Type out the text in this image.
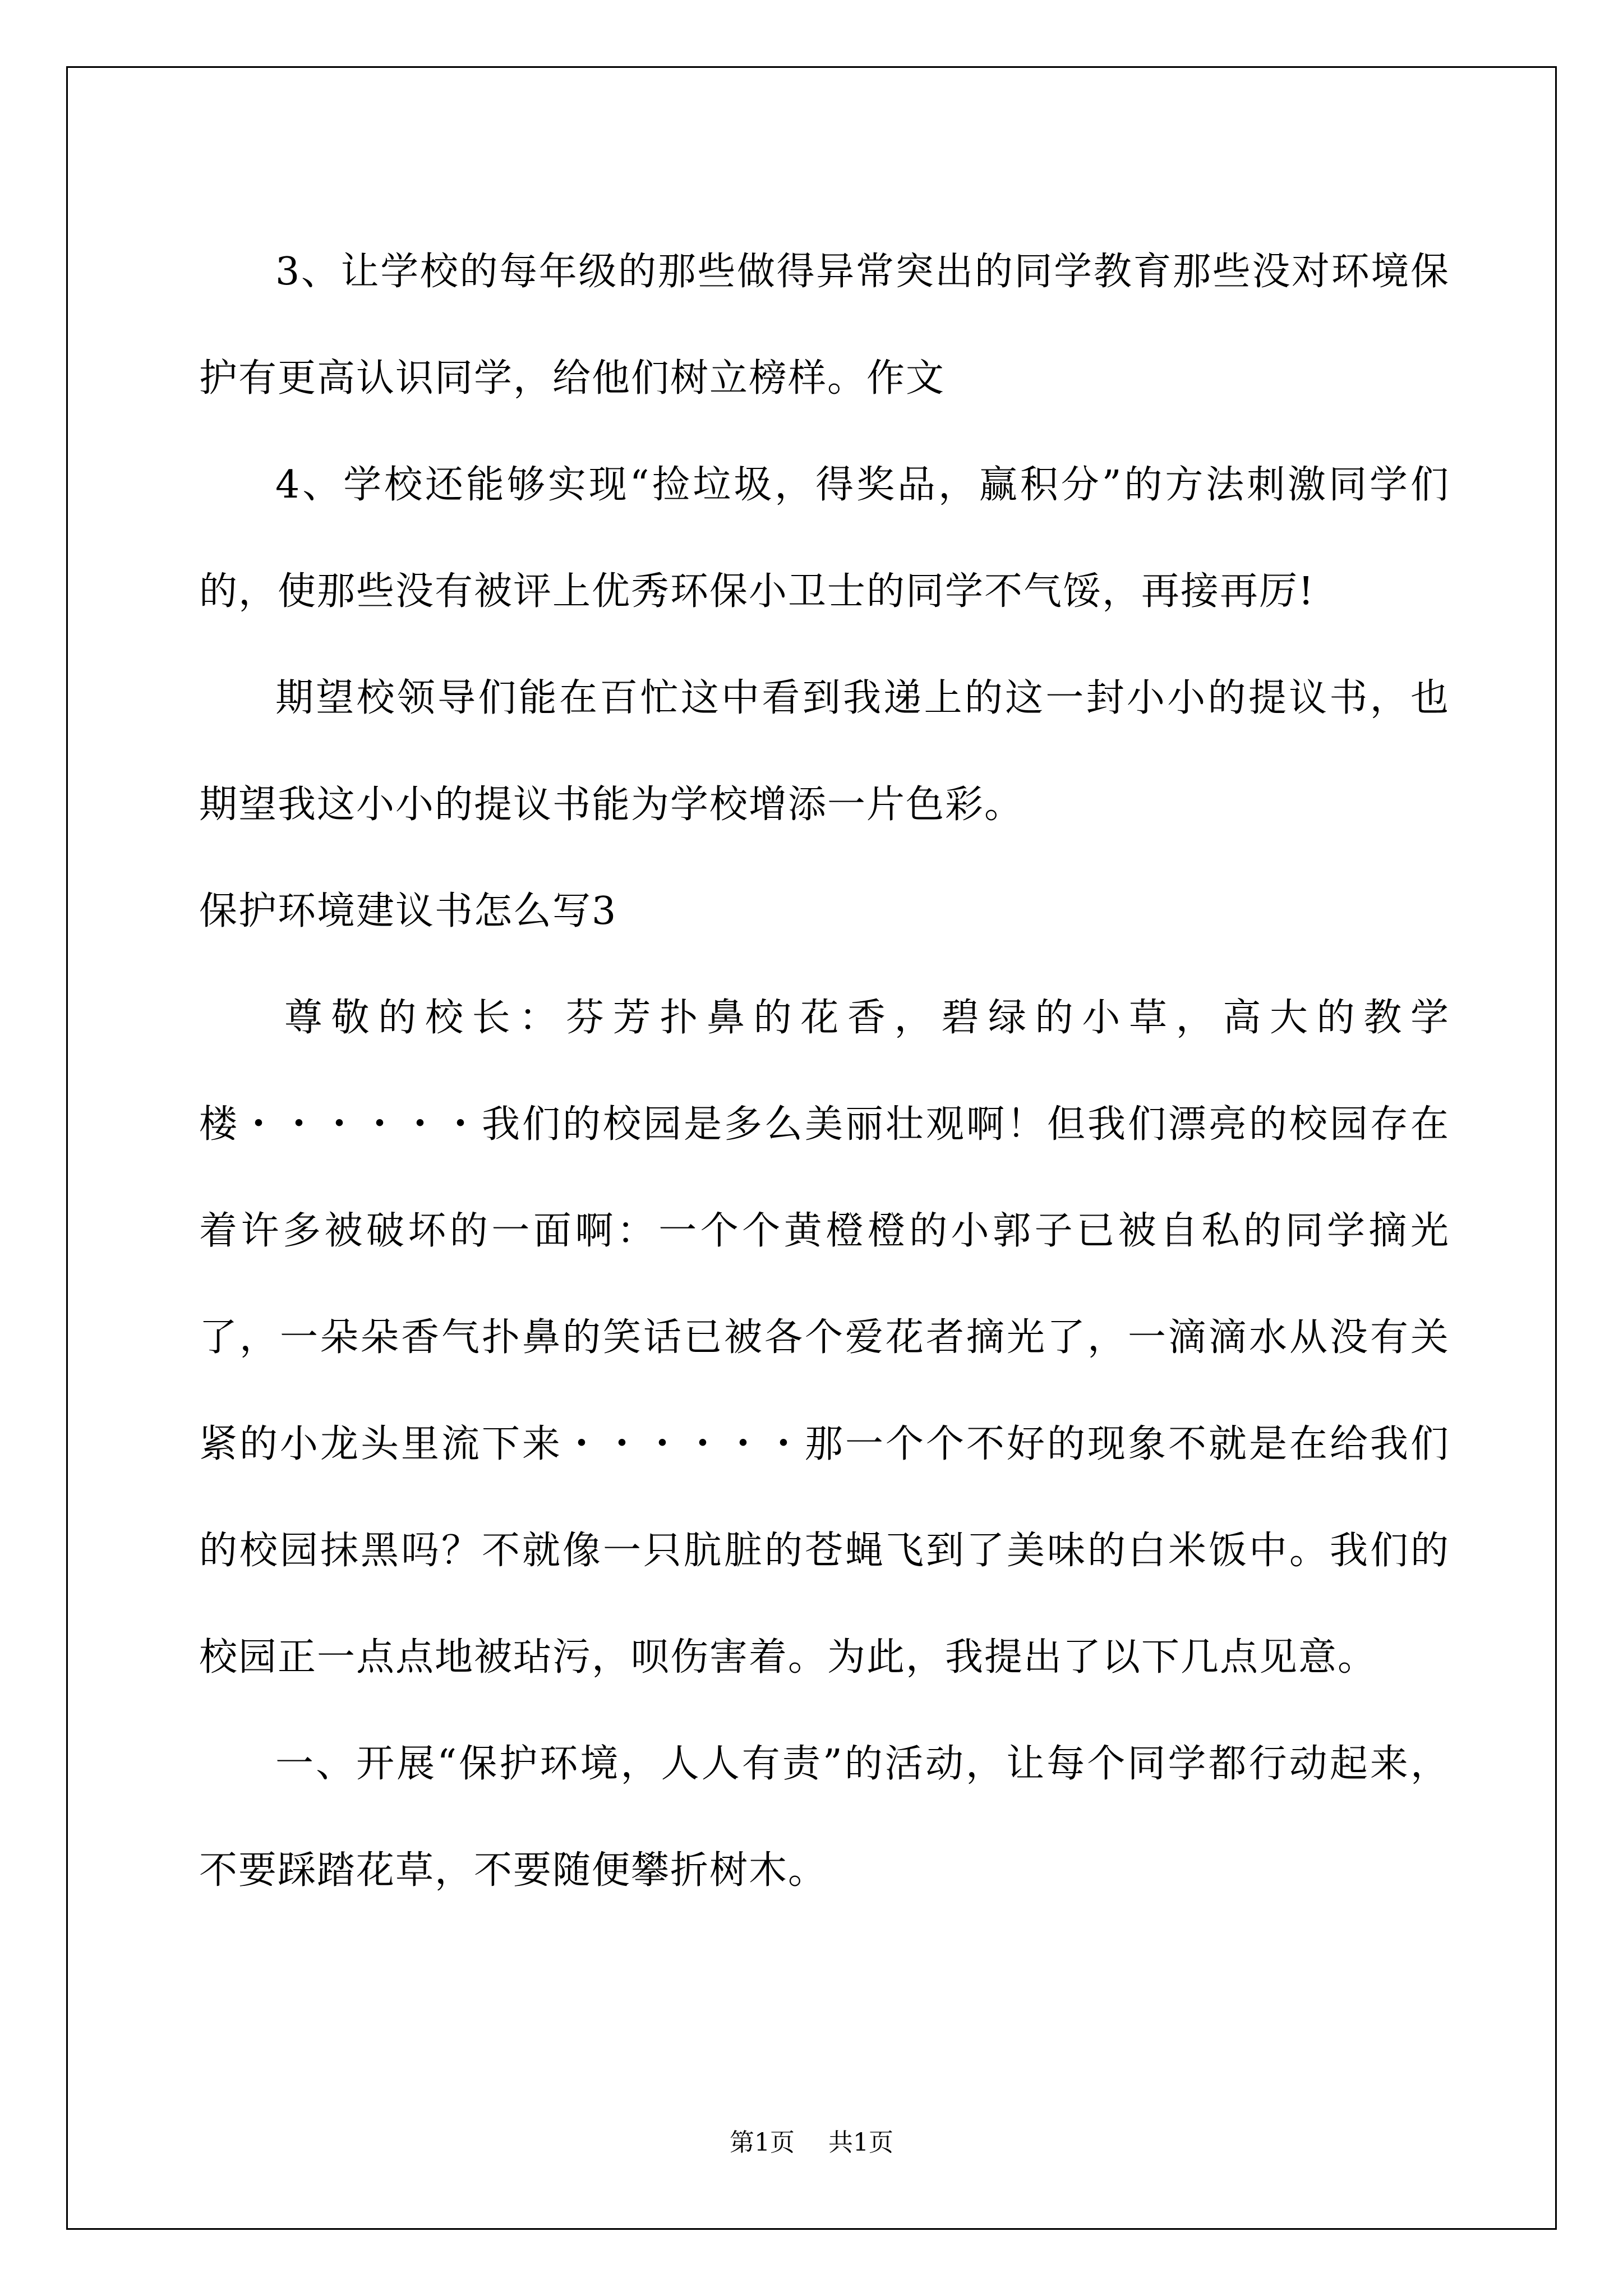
3、让学校的每年级的那些做得异常突出的同学教育那些没对环境保护有更高认识同学，给他们树立榜样。作文

4、学校还能够实现“捡垃圾，得奖品，赢积分”的方法刺激同学们的，使那些没有被评上优秀环保小卫士的同学不气馁，再接再厉!

期望校领导们能在百忙这中看到我递上的这一封小小的提议书，也期望我这小小的提议书能为学校增添一片色彩。

保护环境建议书怎么写3

尊敬的校长：芬芳扑鼻的花香，碧绿的小草，高大的教学楼・・・・・・我们的校园是多么美丽壮观啊！但我们漂亮的校园存在着许多被破坏的一面啊：一个个黄橙橙的小郭子已被自私的同学摘光了，一朵朵香气扑鼻的笑话已被各个爱花者摘光了，一滴滴水从没有关紧的小龙头里流下来・・・・・・那一个个不好的现象不就是在给我们的校园抹黑吗？不就像一只肮脏的苍蝇飞到了美味的白米饭中。我们的校园正一点点地被玷污，呗伤害着。为此，我提出了以下几点见意。

一、开展“保护环境，人人有责”的活动，让每个同学都行动起来，不要踩踏花草，不要随便攀折树木。

第1页 共1页
